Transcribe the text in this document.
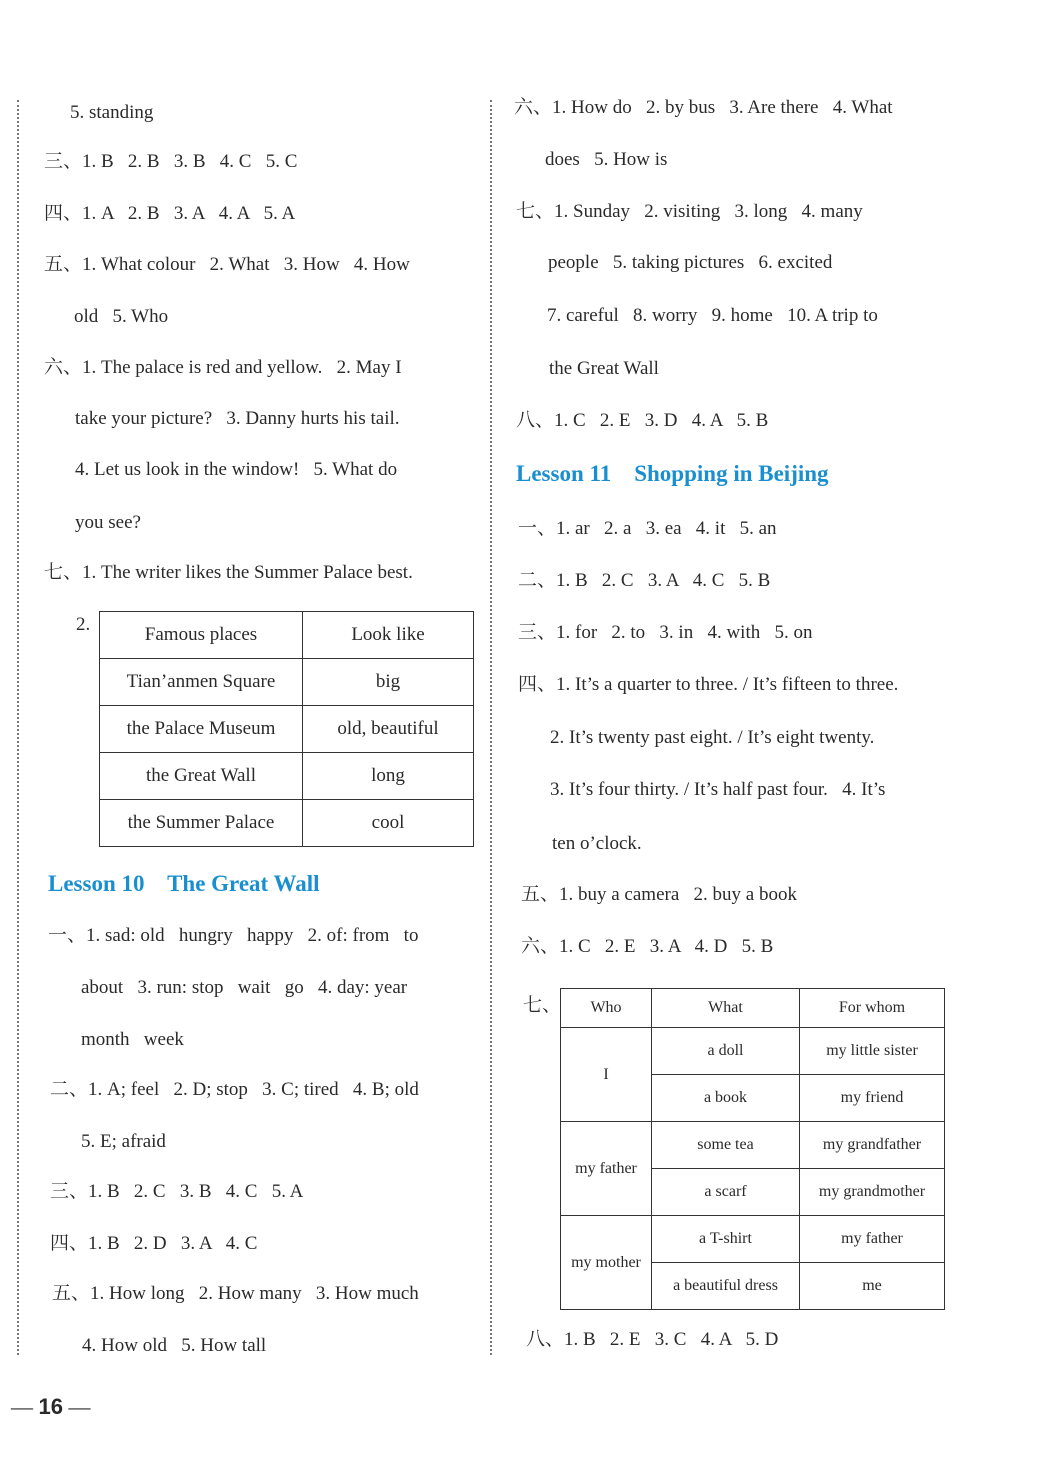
5. standing
三、1. B   2. B   3. B   4. C   5. C
四、1. A   2. B   3. A   4. A   5. A
五、1. What colour   2. What   3. How   4. How
old   5. Who
六、1. The palace is red and yellow.   2. May I
take your picture?   3. Danny hurts his tail.
4. Let us look in the window!   5. What do
you see?
七、1. The writer likes the Summer Palace best.
2.	Famous places	Look like
Tian’anmen Square	big
the Palace Museum	old, beautiful
the Great Wall	long
the Summer Palace	cool
Lesson 10    The Great Wall
一、1. sad: old   hungry   happy   2. of: from   to
about   3. run: stop   wait   go   4. day: year
month   week
二、1. A; feel   2. D; stop   3. C; tired   4. B; old
5. E; afraid
三、1. B   2. C   3. B   4. C   5. A
四、1. B   2. D   3. A   4. C
五、1. How long   2. How many   3. How much
4. How old   5. How tall
六、1. How do   2. by bus   3. Are there   4. What
does   5. How is
七、1. Sunday   2. visiting   3. long   4. many
people   5. taking pictures   6. excited
7. careful   8. worry   9. home   10. A trip to
the Great Wall
八、1. C   2. E   3. D   4. A   5. B
Lesson 11    Shopping in Beijing
一、1. ar   2. a   3. ea   4. it   5. an
二、1. B   2. C   3. A   4. C   5. B
三、1. for   2. to   3. in   4. with   5. on
四、1. It’s a quarter to three. / It’s fifteen to three.
2. It’s twenty past eight. / It’s eight twenty.
3. It’s four thirty. / It’s half past four.   4. It’s
ten o’clock.
五、1. buy a camera   2. buy a book
六、1. C   2. E   3. A   4. D   5. B
七、 Who	What	For whom
I	a doll	my little sister
	a book	my friend
my father	some tea	my grandfather
	a scarf	my grandmother
my mother	a T-shirt	my father
	a beautiful dress	me
八、1. B   2. E   3. C   4. A   5. D

— 16 —
